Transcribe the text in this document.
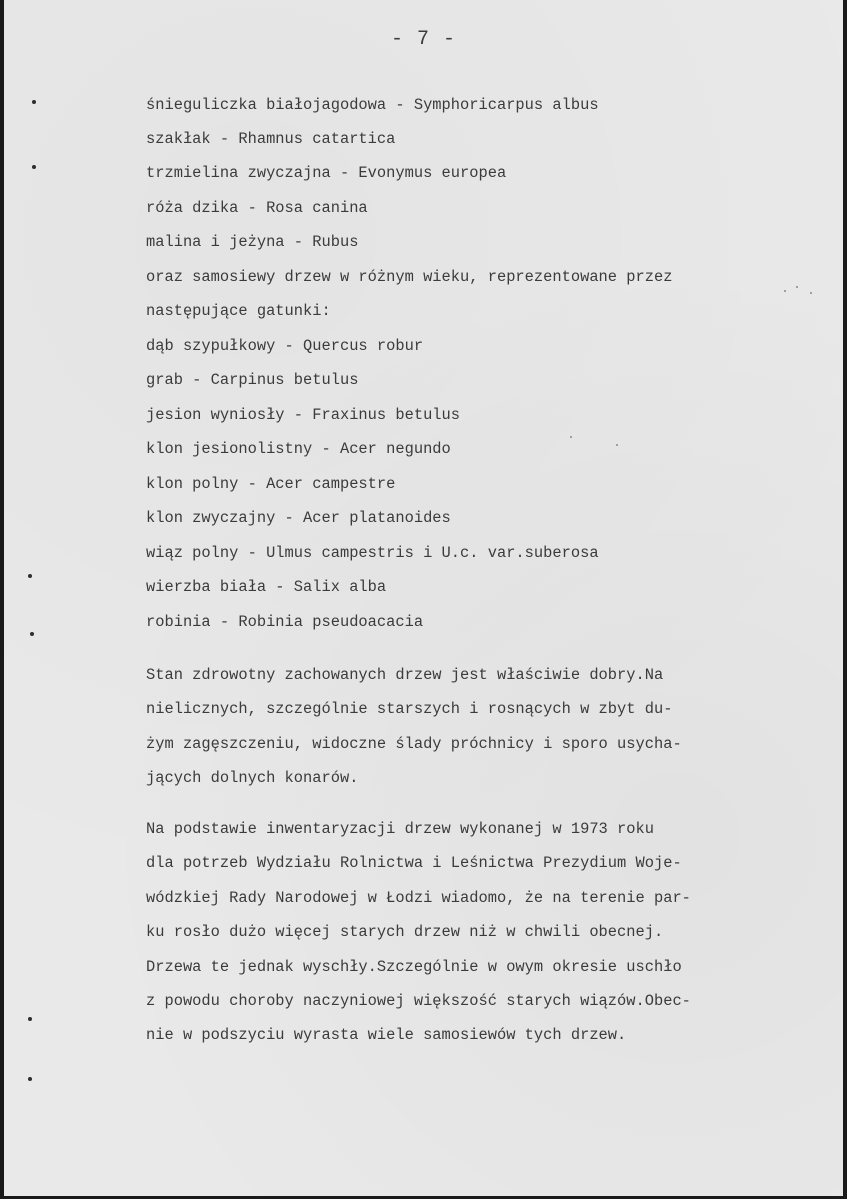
- 7 -
śnieguliczka białojagodowa - Symphoricarpus albus
szakłak - Rhamnus catartica
trzmielina zwyczajna - Evonymus europea
róża dzika - Rosa canina
malina i jeżyna - Rubus
oraz samosiewy drzew w różnym wieku, reprezentowane przez
następujące gatunki:
dąb szypułkowy - Quercus robur
grab - Carpinus betulus
jesion wyniosły - Fraxinus betulus
klon jesionolistny - Acer negundo
klon polny - Acer campestre
klon zwyczajny - Acer platanoides
wiąz polny - Ulmus campestris i U.c. var.suberosa
wierzba biała - Salix alba
robinia - Robinia pseudoacacia
Stan zdrowotny zachowanych drzew jest właściwie dobry.Na
nielicznych, szczególnie starszych i rosnących w zbyt du-
żym zagęszczeniu, widoczne ślady próchnicy i sporo usycha-
jących dolnych konarów.
Na podstawie inwentaryzacji drzew wykonanej w 1973 roku
dla potrzeb Wydziału Rolnictwa i Leśnictwa Prezydium Woje-
wódzkiej Rady Narodowej w Łodzi wiadomo, że na terenie par-
ku rosło dużo więcej starych drzew niż w chwili obecnej.
Drzewa te jednak wyschły.Szczególnie w owym okresie uschło
z powodu choroby naczyniowej większość starych wiązów.Obec-
nie w podszyciu wyrasta wiele samosiewów tych drzew.
